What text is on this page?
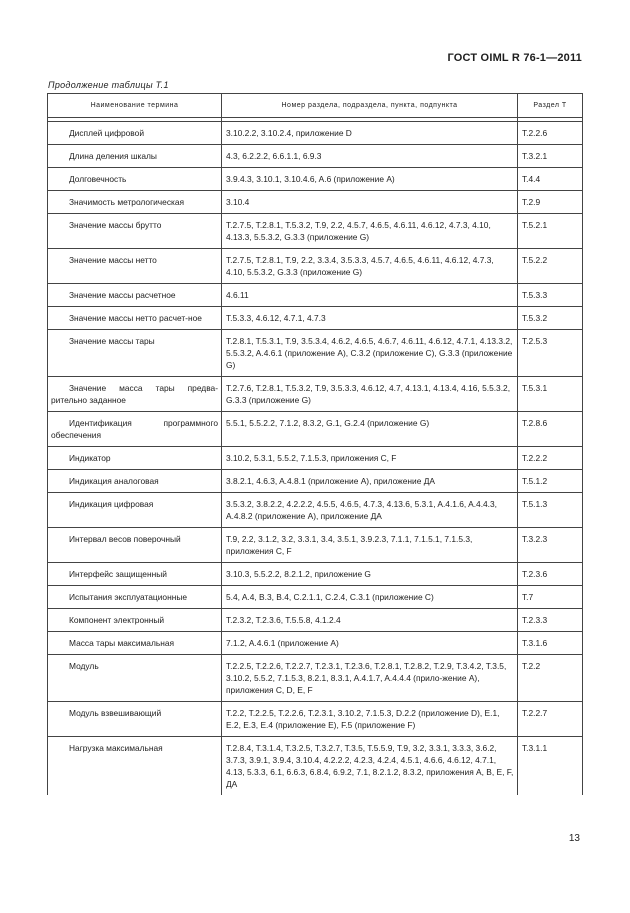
ГОСТ OIML R 76-1—2011
Продолжение таблицы Т.1
Наименование термина	Номер раздела, подраздела, пункта, подпункта	Раздел Т

Дисплей цифровой	3.10.2.2, 3.10.2.4, приложение D	T.2.2.6
Длина деления шкалы	4.3, 6.2.2.2, 6.6.1.1, 6.9.3	T.3.2.1
Долговечность	3.9.4.3, 3.10.1, 3.10.4.6, A.6 (приложение А)	T.4.4
Значимость метрологическая	3.10.4	T.2.9
Значение массы брутто	T.2.7.5, T.2.8.1, T.5.3.2, T.9, 2.2, 4.5.7, 4.6.5, 4.6.11, 4.6.12, 4.7.3, 4.10, 4.13.3, 5.5.3.2, G.3.3 (приложение G)	T.5.2.1
Значение массы нетто	T.2.7.5, T.2.8.1, T.9, 2.2, 3.3.4, 3.5.3.3, 4.5.7, 4.6.5, 4.6.11, 4.6.12, 4.7.3, 4.10, 5.5.3.2, G.3.3 (приложение G)	T.5.2.2
Значение массы расчетное	4.6.11	T.5.3.3
Значение массы нетто расчет-ное	T.5.3.3, 4.6.12, 4.7.1, 4.7.3	T.5.3.2
Значение массы тары	T.2.8.1, T.5.3.1, T.9, 3.5.3.4, 4.6.2, 4.6.5, 4.6.7, 4.6.11, 4.6.12, 4.7.1, 4.13.3.2, 5.5.3.2, A.4.6.1 (приложение А), С.3.2 (приложение С), G.3.3 (приложение G)	T.2.5.3
Значение масса тары предва-рительно заданное	T.2.7.6, T.2.8.1, T.5.3.2, T.9, 3.5.3.3, 4.6.12, 4.7, 4.13.1, 4.13.4, 4.16, 5.5.3.2, G.3.3 (приложение G)	T.5.3.1
Идентификация программного обеспечения	5.5.1, 5.5.2.2, 7.1.2, 8.3.2, G.1, G.2.4 (приложение G)	T.2.8.6
Индикатор	3.10.2, 5.3.1, 5.5.2, 7.1.5.3, приложения С, F	T.2.2.2
Индикация аналоговая	3.8.2.1, 4.6.3, A.4.8.1 (приложение А), приложение ДА	T.5.1.2
Индикация цифровая	3.5.3.2, 3.8.2.2, 4.2.2.2, 4.5.5, 4.6.5, 4.7.3, 4.13.6, 5.3.1, A.4.1.6, A.4.4.3, A.4.8.2 (приложение А), приложение ДА	T.5.1.3
Интервал весов поверочный	T.9, 2.2, 3.1.2, 3.2, 3.3.1, 3.4, 3.5.1, 3.9.2.3, 7.1.1, 7.1.5.1, 7.1.5.3, приложения С, F	T.3.2.3
Интерфейс защищенный	3.10.3, 5.5.2.2, 8.2.1.2, приложение G	T.2.3.6
Испытания эксплуатационные	5.4, A.4, B.3, B.4, C.2.1.1, C.2.4, C.3.1 (приложение С)	T.7
Компонент электронный	T.2.3.2, T.2.3.6, T.5.5.8, 4.1.2.4	T.2.3.3
Масса тары максимальная	7.1.2, A.4.6.1 (приложение А)	T.3.1.6
Модуль	T.2.2.5, T.2.2.6, T.2.2.7, T.2.3.1, T.2.3.6, T.2.8.1, T.2.8.2, T.2.9, T.3.4.2, T.3.5, 3.10.2, 5.5.2, 7.1.5.3, 8.2.1, 8.3.1, A.4.1.7, A.4.4.4 (прило-жение А), приложения С, D, E, F	T.2.2
Модуль взвешивающий	T.2.2, T.2.2.5, T.2.2.6, T.2.3.1, 3.10.2, 7.1.5.3, D.2.2 (приложение D), E.1, E.2, E.3, E.4 (приложение E), F.5 (приложение F)	T.2.2.7
Нагрузка максимальная	T.2.8.4, T.3.1.4, T.3.2.5, T.3.2.7, T.3.5, T.5.5.9, T.9, 3.2, 3.3.1, 3.3.3, 3.6.2, 3.7.3, 3.9.1, 3.9.4, 3.10.4, 4.2.2.2, 4.2.3, 4.2.4, 4.5.1, 4.6.6, 4.6.12, 4.7.1, 4.13, 5.3.3, 6.1, 6.6.3, 6.8.4, 6.9.2, 7.1, 8.2.1.2, 8.3.2, приложения А, В, Е, F, ДА	T.3.1.1
13
